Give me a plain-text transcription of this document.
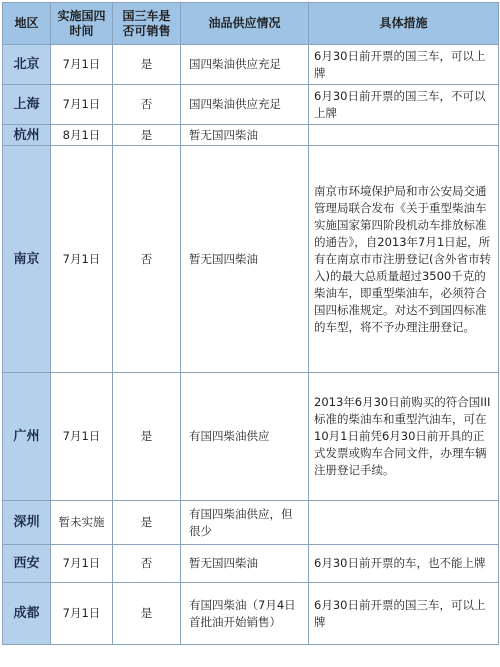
地区	实施国四时间	国三车是否可销售	油品供应情况	具体措施
北京	7月1日	是	国四柴油供应充足	6月30日前开票的国三车，可以上牌
上海	7月1日	否	国四柴油供应充足	6月30日前开票的国三车，不可以上牌
杭州	8月1日	是	暂无国四柴油	
南京	7月1日	否	暂无国四柴油	南京市环境保护局和市公安局交通管理局联合发布《关于重型柴油车实施国家第四阶段机动车排放标准的通告》，自2013年7月1日起，所有在南京市市注册登记(含外省市转入)的最大总质量超过3500千克的柴油车，即重型柴油车，必须符合国四标准规定。对达不到国四标准的车型，将不予办理注册登记。
广州	7月1日	是	有国四柴油供应	2013年6月30日前购买的符合国III标准的柴油车和重型汽油车，可在10月1日前凭6月30日前开具的正式发票或购车合同文件，办理车辆注册登记手续。
深圳	暂未实施	是	有国四柴油供应，但很少	
西安	7月1日	否	暂无国四柴油	6月30日前开票的车，也不能上牌
成都	7月1日	是	有国四柴油（7月4日首批油开始销售）	6月30日前开票的国三车，可以上牌
